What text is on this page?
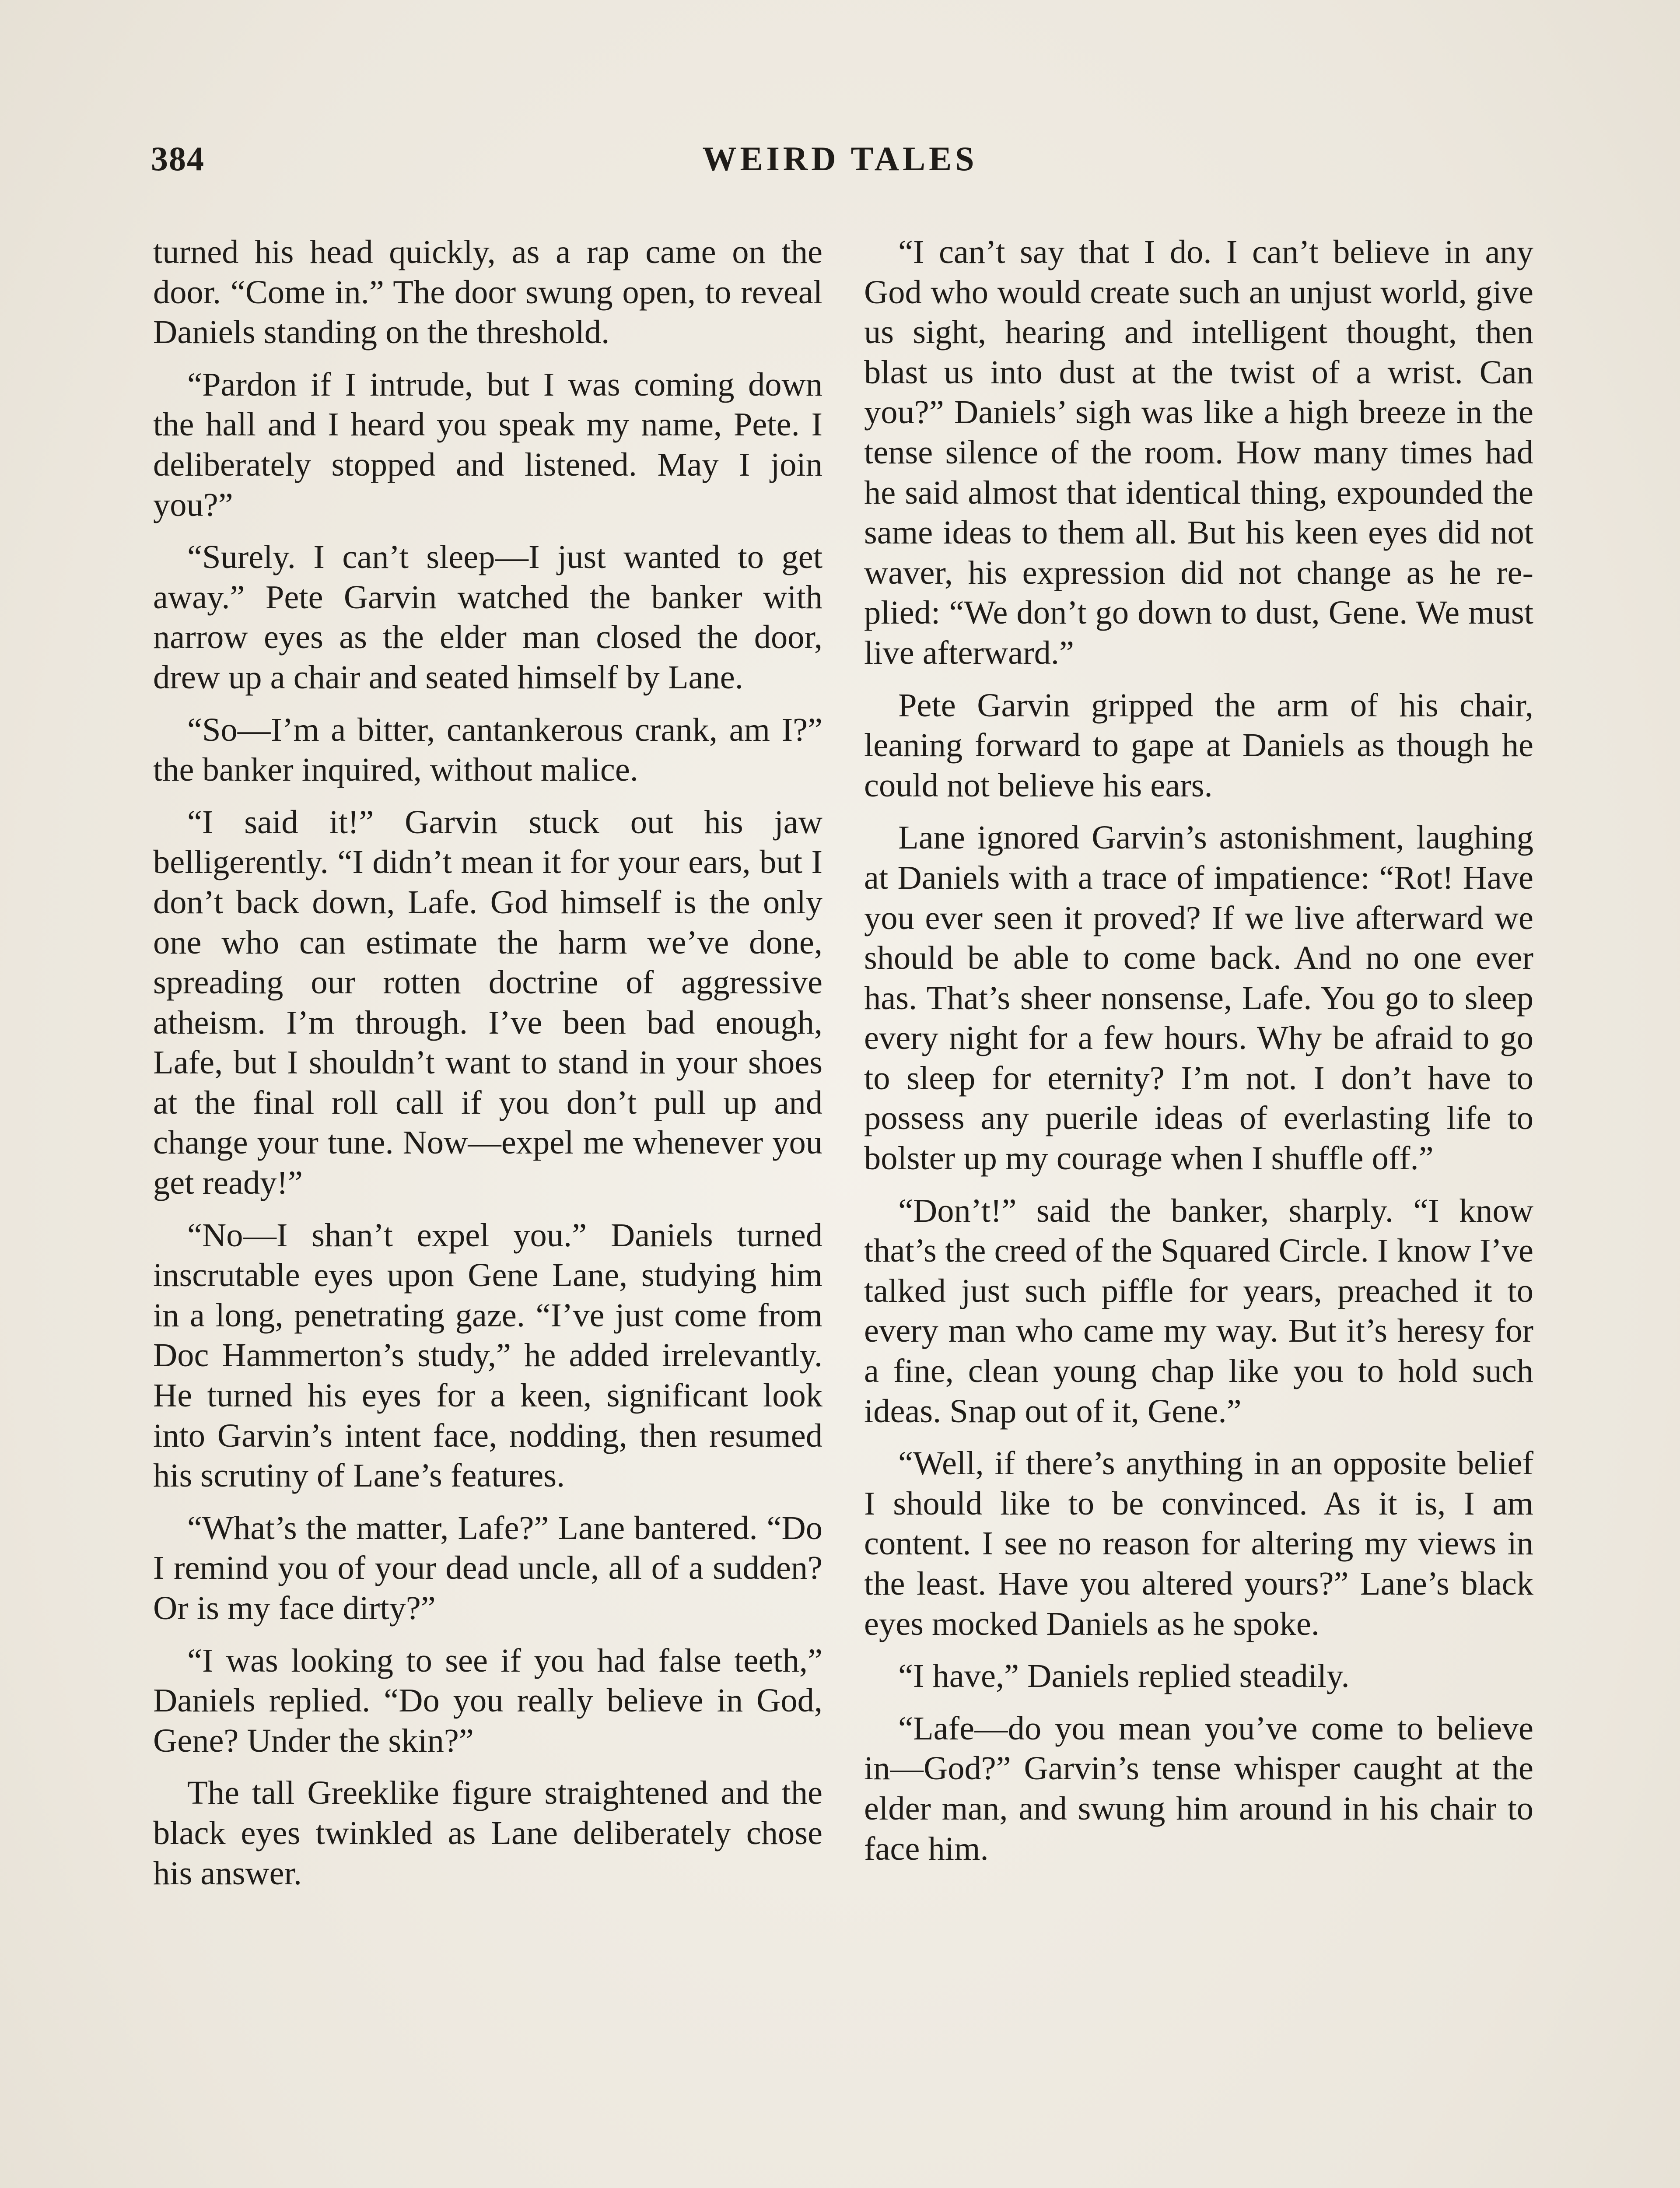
384	WEIRD TALES

turned his head quickly, as a rap came on the door. “Come in.” The door swung open, to reveal Daniels standing on the threshold.

“Pardon if I intrude, but I was coming down the hall and I heard you speak my name, Pete. I deliberately stopped and listened. May I join you?”

“Surely. I can’t sleep—I just wanted to get away.” Pete Garvin watched the banker with narrow eyes as the elder man closed the door, drew up a chair and seated himself by Lane.

“So—I’m a bitter, cantankerous crank, am I?” the banker inquired, without malice.

“I said it!” Garvin stuck out his jaw belligerently. “I didn’t mean it for your ears, but I don’t back down, Lafe. God himself is the only one who can estimate the harm we’ve done, spreading our rotten doctrine of aggressive atheism. I’m through. I’ve been bad enough, Lafe, but I shouldn’t want to stand in your shoes at the final roll call if you don’t pull up and change your tune. Now—expel me whenever you get ready!”

“No—I shan’t expel you.” Daniels turned inscrutable eyes upon Gene Lane, studying him in a long, penetrating gaze. “I’ve just come from Doc Hammerton’s study,” he added irrelevantly. He turned his eyes for a keen, significant look into Garvin’s intent face, nodding, then resumed his scrutiny of Lane’s features.

“What’s the matter, Lafe?” Lane bantered. “Do I remind you of your dead uncle, all of a sudden? Or is my face dirty?”

“I was looking to see if you had false teeth,” Daniels replied. “Do you really believe in God, Gene? Under the skin?”

The tall Greeklike figure straightened and the black eyes twinkled as Lane deliberately chose his answer.

“I can’t say that I do. I can’t believe in any God who would create such an unjust world, give us sight, hearing and intelligent thought, then blast us into dust at the twist of a wrist. Can you?” Daniels’ sigh was like a high breeze in the tense silence of the room. How many times had he said almost that identical thing, expounded the same ideas to them all. But his keen eyes did not waver, his expression did not change as he replied: “We don’t go down to dust, Gene. We must live afterward.”

Pete Garvin gripped the arm of his chair, leaning forward to gape at Daniels as though he could not believe his ears.

Lane ignored Garvin’s astonishment, laughing at Daniels with a trace of impatience: “Rot! Have you ever seen it proved? If we live afterward we should be able to come back. And no one ever has. That’s sheer nonsense, Lafe. You go to sleep every night for a few hours. Why be afraid to go to sleep for eternity? I’m not. I don’t have to possess any puerile ideas of everlasting life to bolster up my courage when I shuffle off.”

“Don’t!” said the banker, sharply. “I know that’s the creed of the Squared Circle. I know I’ve talked just such piffle for years, preached it to every man who came my way. But it’s heresy for a fine, clean young chap like you to hold such ideas. Snap out of it, Gene.”

“Well, if there’s anything in an opposite belief I should like to be convinced. As it is, I am content. I see no reason for altering my views in the least. Have you altered yours?” Lane’s black eyes mocked Daniels as he spoke.

“I have,” Daniels replied steadily.

“Lafe—do you mean you’ve come to believe in—God?” Garvin’s tense whisper caught at the elder man, and swung him around in his chair to face him.
